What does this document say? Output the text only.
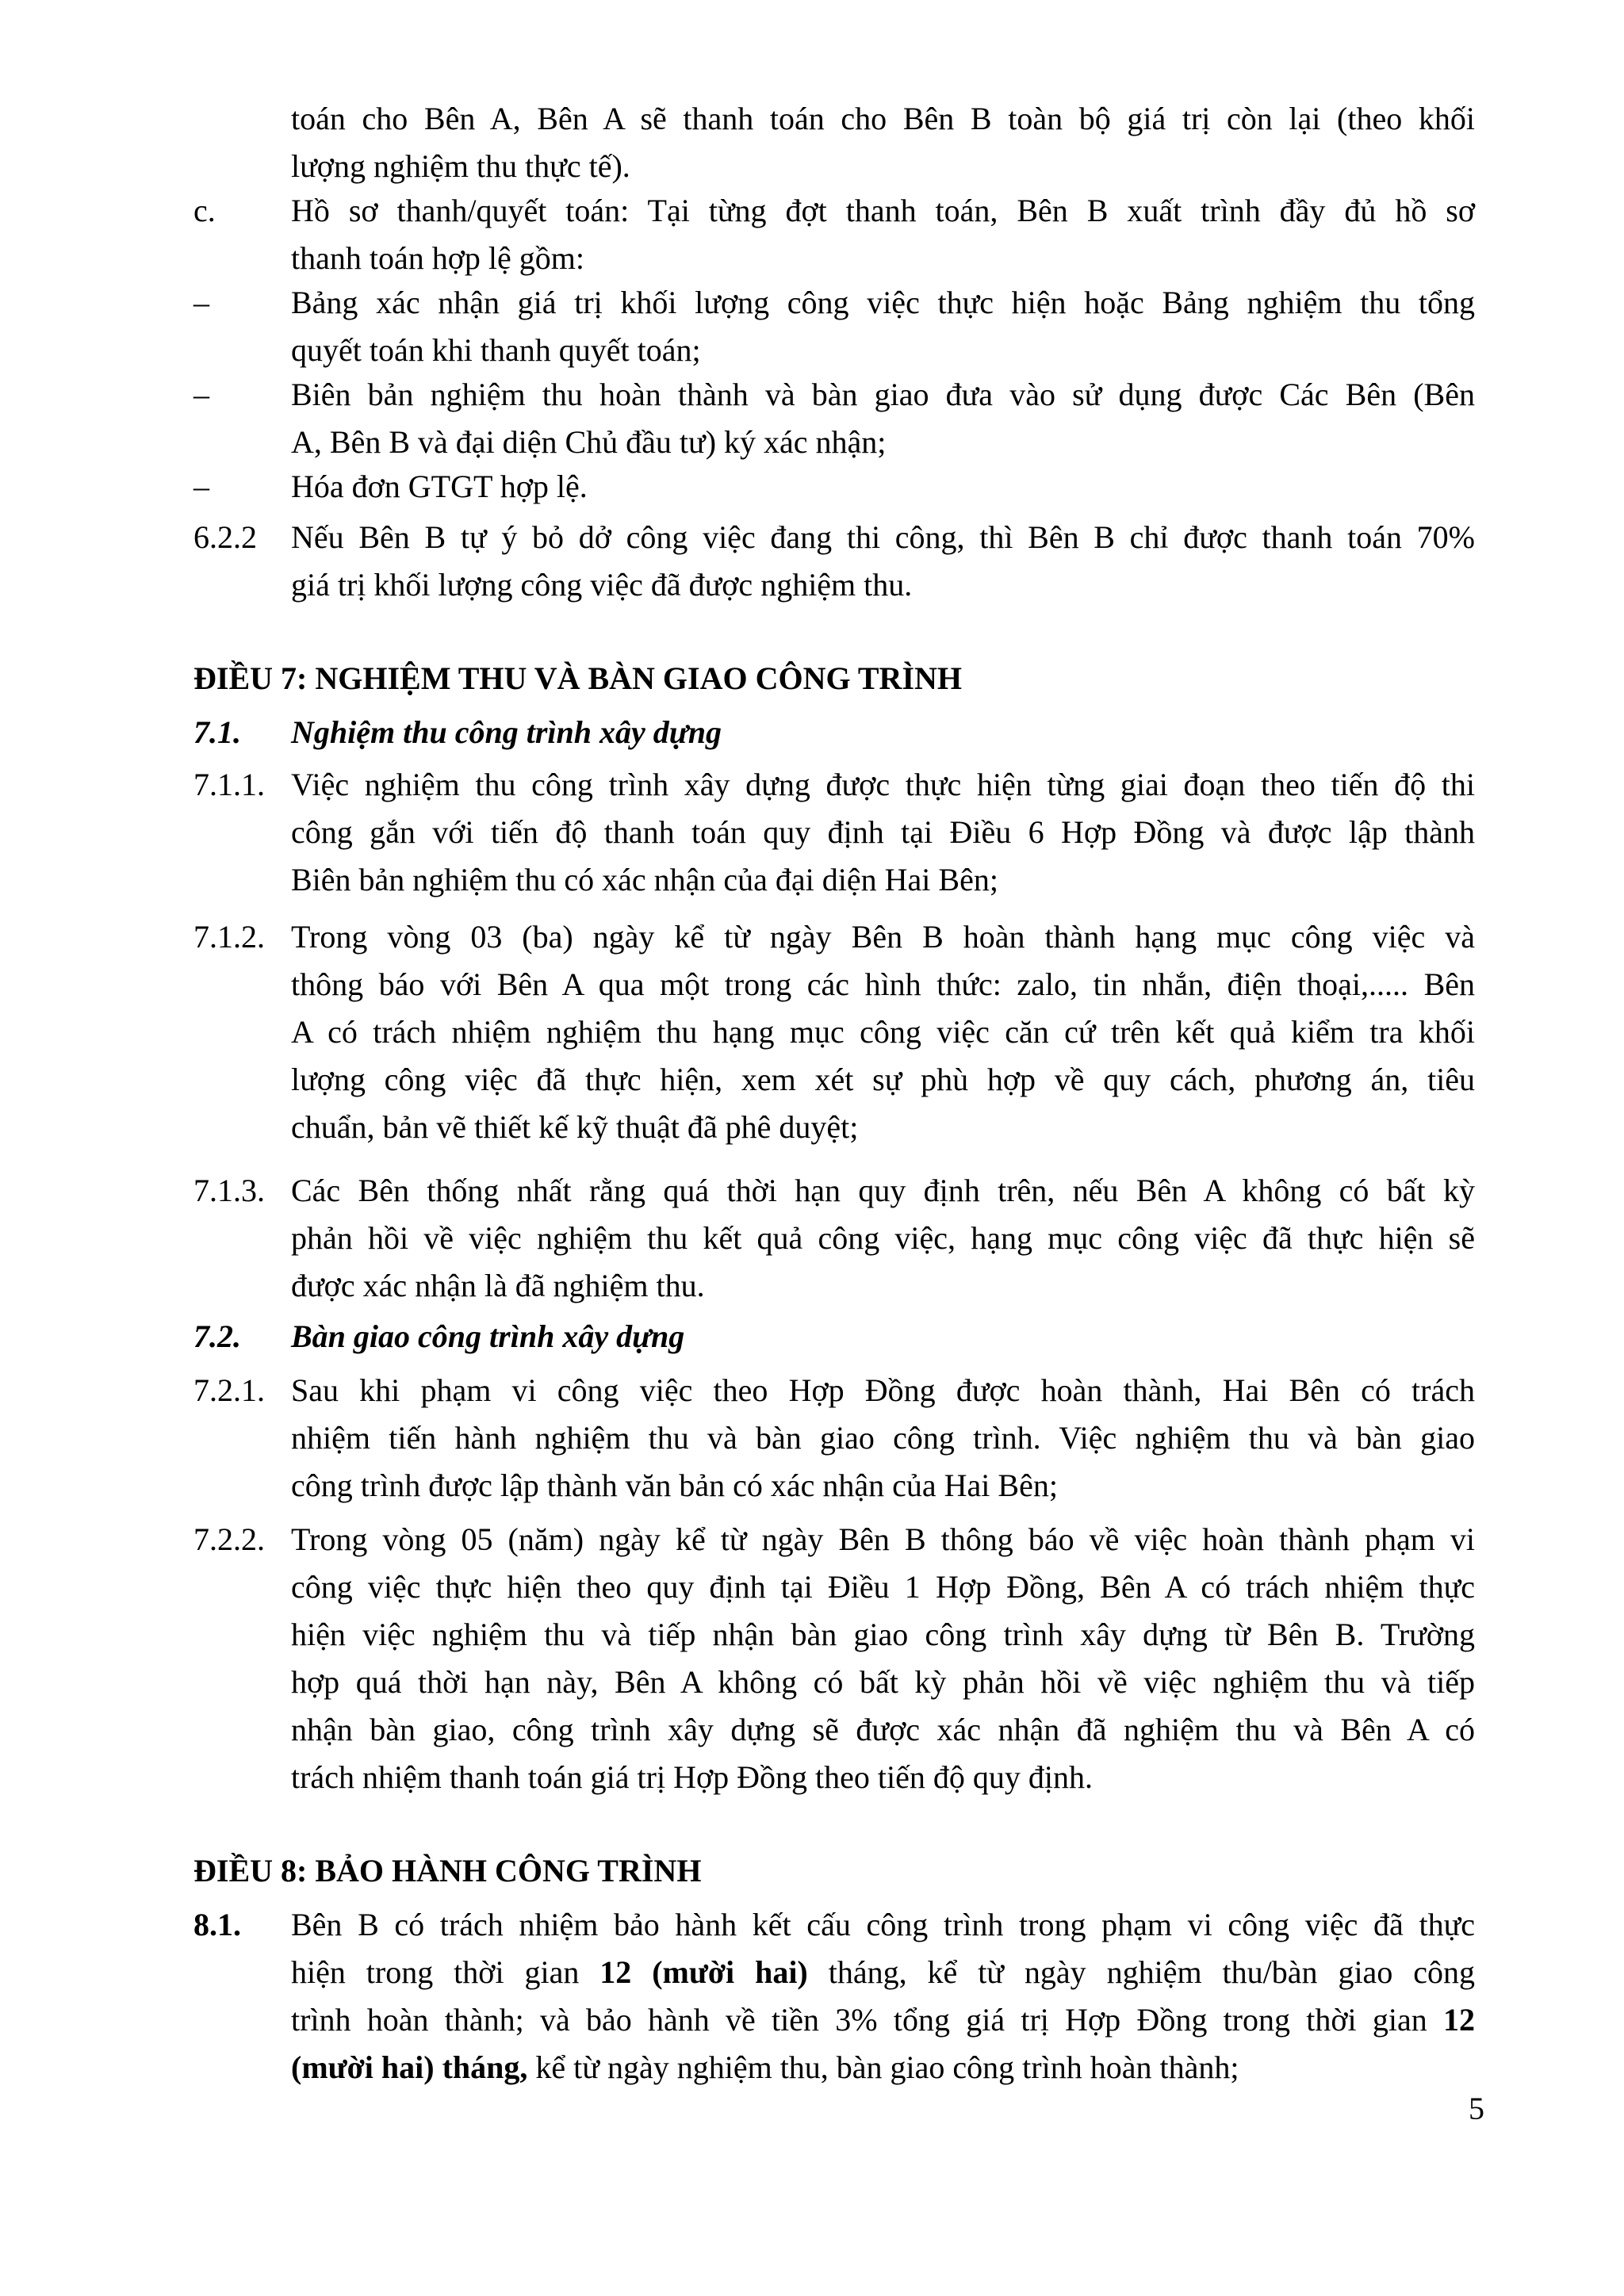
toán cho Bên A, Bên A sẽ thanh toán cho Bên B toàn bộ giá trị còn lại (theo khối
lượng nghiệm thu thực tế).
c. Hồ sơ thanh/quyết toán: Tại từng đợt thanh toán, Bên B xuất trình đầy đủ hồ sơ
thanh toán hợp lệ gồm:
–	Bảng xác nhận giá trị khối lượng công việc thực hiện hoặc Bảng nghiệm thu tổng
quyết toán khi thanh quyết toán;
–	Biên bản nghiệm thu hoàn thành và bàn giao đưa vào sử dụng được Các Bên (Bên
A, Bên B và đại diện Chủ đầu tư) ký xác nhận;
–	Hóa đơn GTGT hợp lệ.
6.2.2 Nếu Bên B tự ý bỏ dở công việc đang thi công, thì Bên B chỉ được thanh toán 70%
giá trị khối lượng công việc đã được nghiệm thu.
ĐIỀU 7: NGHIỆM THU VÀ BÀN GIAO CÔNG TRÌNH
7.1. Nghiệm thu công trình xây dựng
7.1.1. Việc nghiệm thu công trình xây dựng được thực hiện từng giai đoạn theo tiến độ thi
công gắn với tiến độ thanh toán quy định tại Điều 6 Hợp Đồng và được lập thành
Biên bản nghiệm thu có xác nhận của đại diện Hai Bên;
7.1.2. Trong vòng 03 (ba) ngày kể từ ngày Bên B hoàn thành hạng mục công việc và
thông báo với Bên A qua một trong các hình thức: zalo, tin nhắn, điện thoại,..... Bên
A có trách nhiệm nghiệm thu hạng mục công việc căn cứ trên kết quả kiểm tra khối
lượng công việc đã thực hiện, xem xét sự phù hợp về quy cách, phương án, tiêu
chuẩn, bản vẽ thiết kế kỹ thuật đã phê duyệt;
7.1.3. Các Bên thống nhất rằng quá thời hạn quy định trên, nếu Bên A không có bất kỳ
phản hồi về việc nghiệm thu kết quả công việc, hạng mục công việc đã thực hiện sẽ
được xác nhận là đã nghiệm thu.
7.2. Bàn giao công trình xây dựng
7.2.1. Sau khi phạm vi công việc theo Hợp Đồng được hoàn thành, Hai Bên có trách
nhiệm tiến hành nghiệm thu và bàn giao công trình. Việc nghiệm thu và bàn giao
công trình được lập thành văn bản có xác nhận của Hai Bên;
7.2.2. Trong vòng 05 (năm) ngày kể từ ngày Bên B thông báo về việc hoàn thành phạm vi
công việc thực hiện theo quy định tại Điều 1 Hợp Đồng, Bên A có trách nhiệm thực
hiện việc nghiệm thu và tiếp nhận bàn giao công trình xây dựng từ Bên B. Trường
hợp quá thời hạn này, Bên A không có bất kỳ phản hồi về việc nghiệm thu và tiếp
nhận bàn giao, công trình xây dựng sẽ được xác nhận đã nghiệm thu và Bên A có
trách nhiệm thanh toán giá trị Hợp Đồng theo tiến độ quy định.
ĐIỀU 8: BẢO HÀNH CÔNG TRÌNH
8.1. Bên B có trách nhiệm bảo hành kết cấu công trình trong phạm vi công việc đã thực
hiện trong thời gian 12 (mười hai) tháng, kể từ ngày nghiệm thu/bàn giao công
trình hoàn thành; và bảo hành về tiền 3% tổng giá trị Hợp Đồng trong thời gian 12
(mười hai) tháng, kể từ ngày nghiệm thu, bàn giao công trình hoàn thành;
5
